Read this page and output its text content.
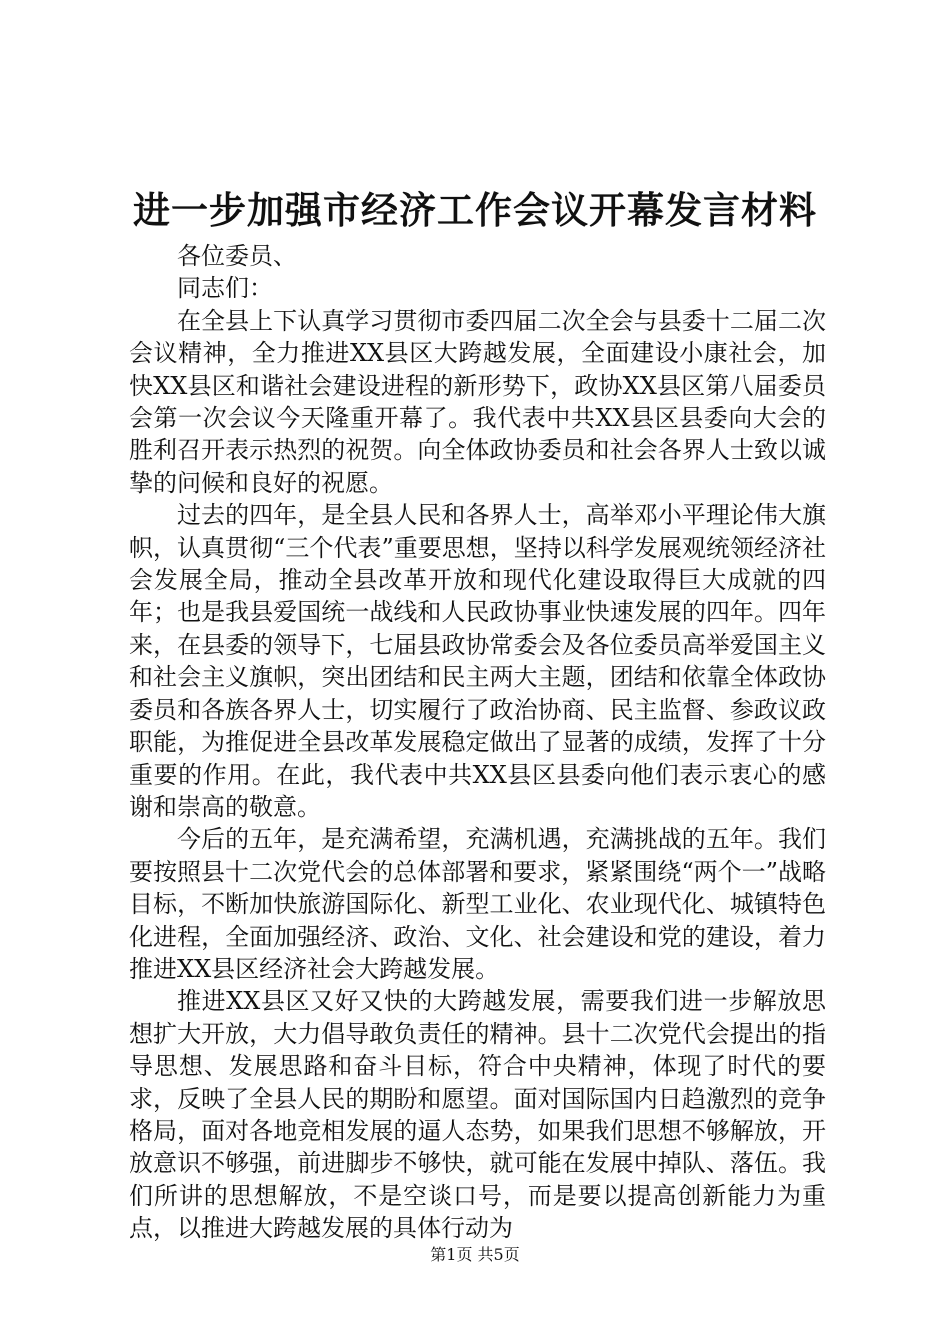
进一步加强市经济工作会议开幕发言材料

各位委员、

同志们：

在全县上下认真学习贯彻市委四届二次全会与县委十二届二次会议精神，全力推进XX县区大跨越发展，全面建设小康社会，加快XX县区和谐社会建设进程的新形势下，政协XX县区第八届委员会第一次会议今天隆重开幕了。我代表中共XX县区县委向大会的胜利召开表示热烈的祝贺。向全体政协委员和社会各界人士致以诚挚的问候和良好的祝愿。

过去的四年，是全县人民和各界人士，高举邓小平理论伟大旗帜，认真贯彻“三个代表”重要思想，坚持以科学发展观统领经济社会发展全局，推动全县改革开放和现代化建设取得巨大成就的四年；也是我县爱国统一战线和人民政协事业快速发展的四年。四年来，在县委的领导下，七届县政协常委会及各位委员高举爱国主义和社会主义旗帜，突出团结和民主两大主题，团结和依靠全体政协委员和各族各界人士，切实履行了政治协商、民主监督、参政议政职能，为推促进全县改革发展稳定做出了显著的成绩，发挥了十分重要的作用。在此，我代表中共XX县区县委向他们表示衷心的感谢和崇高的敬意。

今后的五年，是充满希望，充满机遇，充满挑战的五年。我们要按照县十二次党代会的总体部署和要求，紧紧围绕“两个一”战略目标，不断加快旅游国际化、新型工业化、农业现代化、城镇特色化进程，全面加强经济、政治、文化、社会建设和党的建设，着力推进XX县区经济社会大跨越发展。

推进XX县区又好又快的大跨越发展，需要我们进一步解放思想扩大开放，大力倡导敢负责任的精神。县十二次党代会提出的指导思想、发展思路和奋斗目标，符合中央精神，体现了时代的要求，反映了全县人民的期盼和愿望。面对国际国内日趋激烈的竞争格局，面对各地竞相发展的逼人态势，如果我们思想不够解放，开放意识不够强，前进脚步不够快，就可能在发展中掉队、落伍。我们所讲的思想解放，不是空谈口号，而是要以提高创新能力为重点，以推进大跨越发展的具体行动为

第1页 共5页
